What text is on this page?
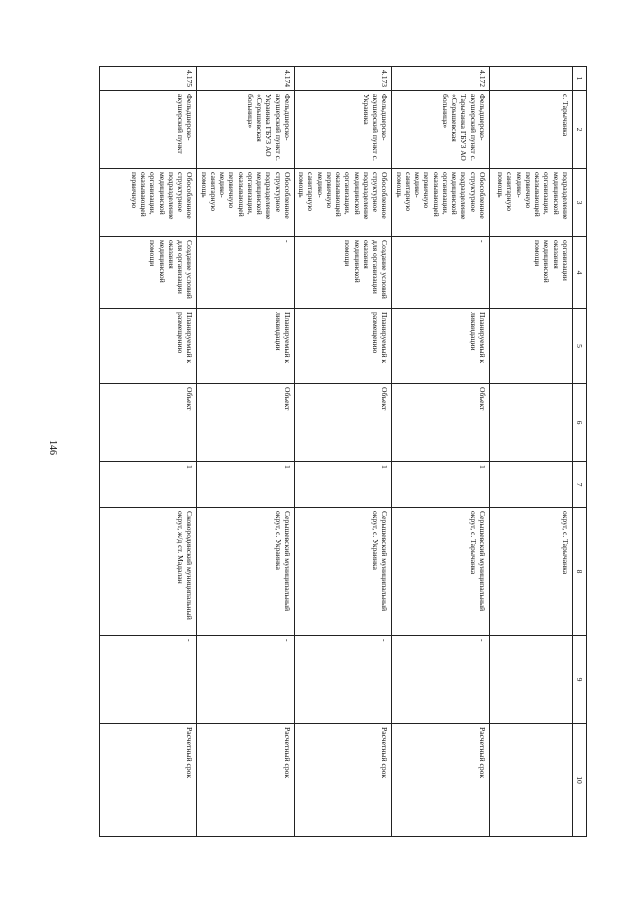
146
1	2	3	4	5	6	7	8	9	10
	с. Тарычанка	подразделение медицинской организации, оказывающей первичную медико-санитарную помощь	организации оказания медицинской помощи				округ, с. Тарычанка		
4.172	Фельдшерско-акушерский пункт с. Тарычанка ГБУЗ АО «Серышевская больница»	Обособленное структурное подразделение медицинской организации, оказывающей первичную медико-санитарную помощь	-	Планируемый к ликвидации	Объект	1	Серышевский муниципальный округ, с. Тарычанка	-	Расчетный срок
4.173	Фельдшерско-акушерский пункт с. Украинка	Обособленное структурное подразделение медицинской организации, оказывающей первичную медико-санитарную помощь	Создание условий для организации оказания медицинской помощи	Планируемый к размещению	Объект	1	Серышевский муниципальный округ, с. Украинка	-	Расчетный срок
4.174	Фельдшерско-акушерский пункт с. Украинка ГБУЗ АО «Серышевская больница»	Обособленное структурное подразделение медицинской организации, оказывающей первичную медико-санитарную помощь	-	Планируемый к ликвидации	Объект	1	Серышевский муниципальный округ, с. Украинка	-	Расчетный срок
4.175	Фельдшерско-акушерский пункт	Обособленное структурное подразделение медицинской организации, оказывающей первичную	Создание условий для организации оказания медицинской помощи	Планируемый к размещению	Объект	1	Сковородинский муниципальный округ, ж/д ст. Мадалан	-	Расчетный срок
